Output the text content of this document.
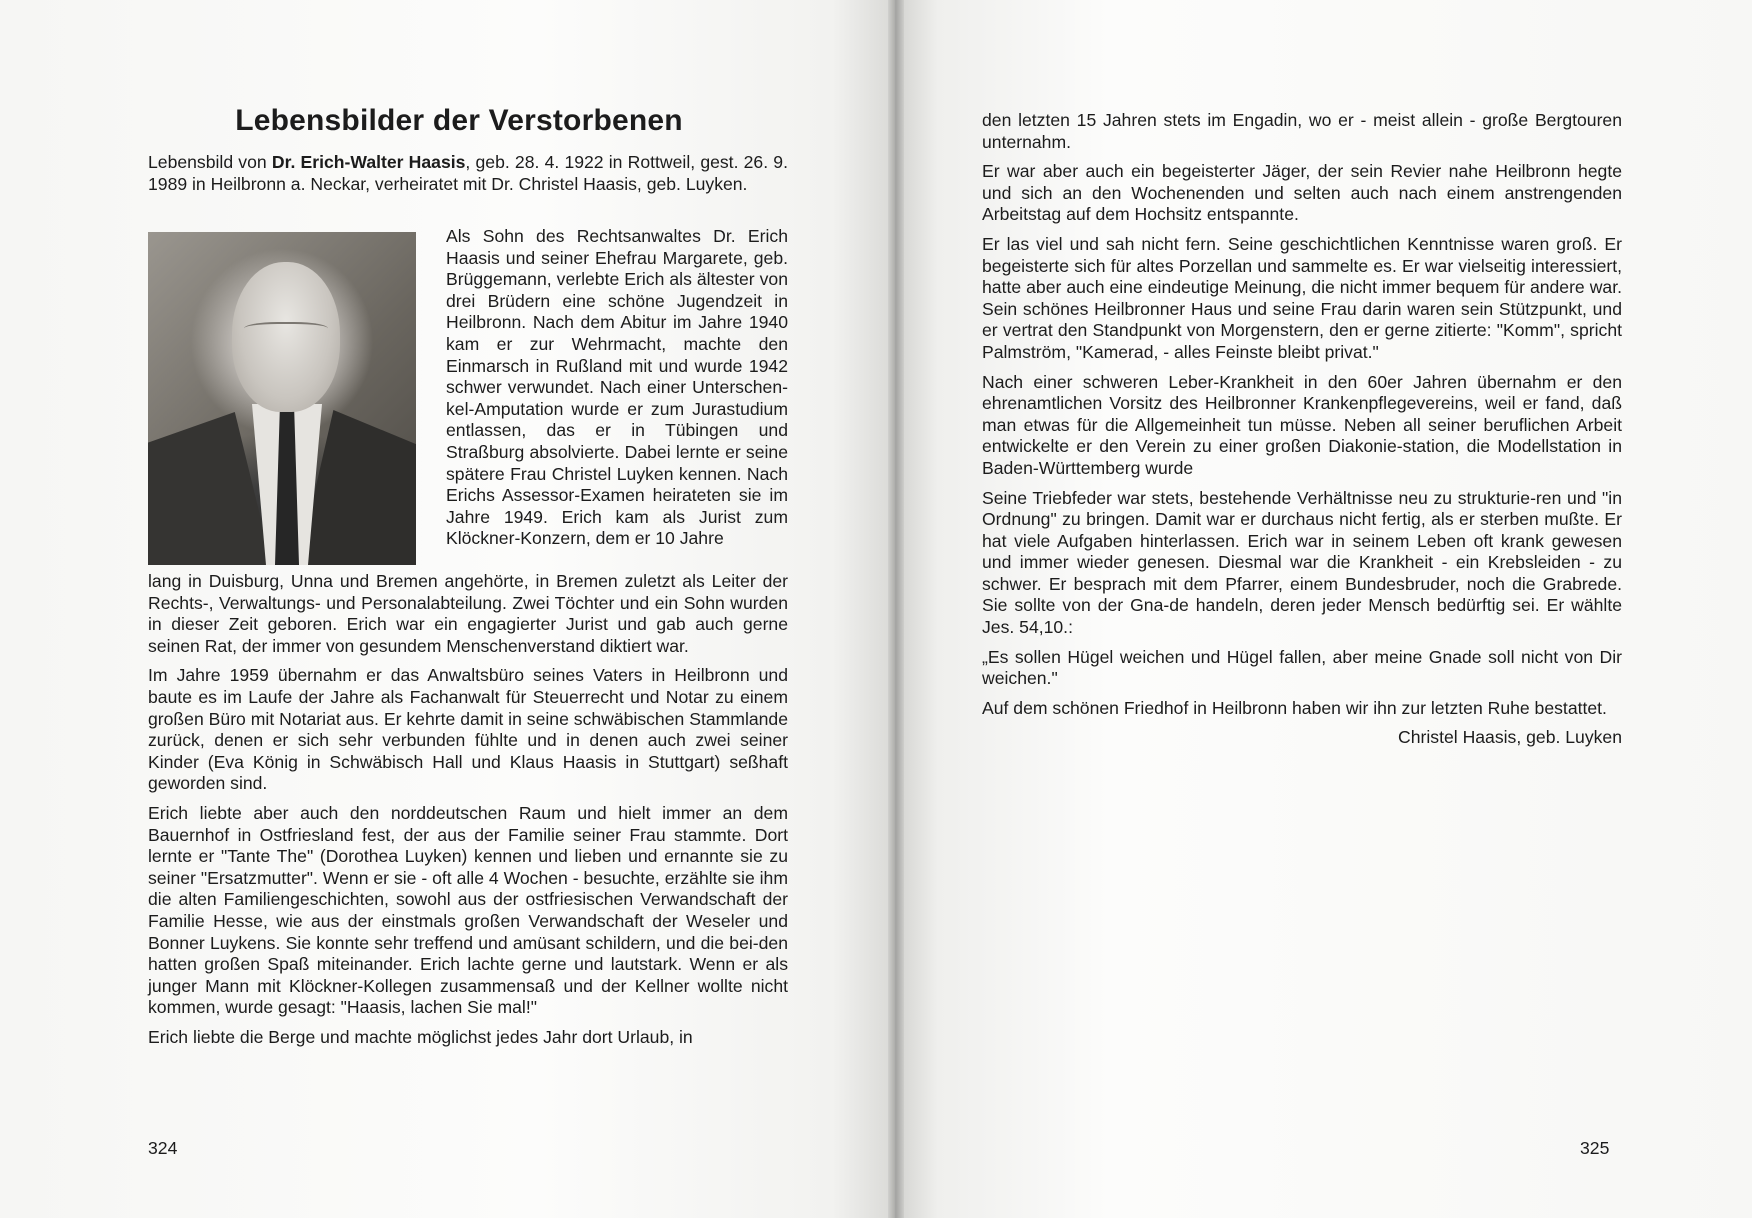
Lebensbilder der Verstorbenen

Lebensbild von Dr. Erich-Walter Haasis, geb. 28. 4. 1922 in Rottweil, gest. 26. 9. 1989 in Heilbronn a. Neckar, verheiratet mit Dr. Christel Haasis, geb. Luyken.

Als Sohn des Rechtsanwaltes Dr. Erich Haasis und seiner Ehefrau Margarete, geb. Brüggemann, verlebte Erich als ältester von drei Brüdern eine schöne Jugendzeit in Heilbronn. Nach dem Abitur im Jahre 1940 kam er zur Wehrmacht, machte den Einmarsch in Rußland mit und wurde 1942 schwer verwundet. Nach einer Unterschen-kel-Amputation wurde er zum Jurastudium entlassen, das er in Tübingen und Straßburg absolvierte. Dabei lernte er seine spätere Frau Christel Luyken kennen. Nach Erichs Assessor-Examen heirateten sie im Jahre 1949. Erich kam als Jurist zum Klöckner-Konzern, dem er 10 Jahre

lang in Duisburg, Unna und Bremen angehörte, in Bremen zuletzt als Leiter der Rechts-, Verwaltungs- und Personalabteilung. Zwei Töchter und ein Sohn wurden in dieser Zeit geboren. Erich war ein engagierter Jurist und gab auch gerne seinen Rat, der immer von gesundem Menschenverstand diktiert war.

Im Jahre 1959 übernahm er das Anwaltsbüro seines Vaters in Heilbronn und baute es im Laufe der Jahre als Fachanwalt für Steuerrecht und Notar zu einem großen Büro mit Notariat aus. Er kehrte damit in seine schwäbischen Stammlande zurück, denen er sich sehr verbunden fühlte und in denen auch zwei seiner Kinder (Eva König in Schwäbisch Hall und Klaus Haasis in Stuttgart) seßhaft geworden sind.

Erich liebte aber auch den norddeutschen Raum und hielt immer an dem Bauernhof in Ostfriesland fest, der aus der Familie seiner Frau stammte. Dort lernte er "Tante The" (Dorothea Luyken) kennen und lieben und ernannte sie zu seiner "Ersatzmutter". Wenn er sie - oft alle 4 Wochen - besuchte, erzählte sie ihm die alten Familiengeschichten, sowohl aus der ostfriesischen Verwandschaft der Familie Hesse, wie aus der einstmals großen Verwandschaft der Weseler und Bonner Luykens. Sie konnte sehr treffend und amüsant schildern, und die bei-den hatten großen Spaß miteinander. Erich lachte gerne und lautstark. Wenn er als junger Mann mit Klöckner-Kollegen zusammensaß und der Kellner wollte nicht kommen, wurde gesagt: "Haasis, lachen Sie mal!"

Erich liebte die Berge und machte möglichst jedes Jahr dort Urlaub, in

324

den letzten 15 Jahren stets im Engadin, wo er - meist allein - große Bergtouren unternahm.

Er war aber auch ein begeisterter Jäger, der sein Revier nahe Heilbronn hegte und sich an den Wochenenden und selten auch nach einem anstrengenden Arbeitstag auf dem Hochsitz entspannte.

Er las viel und sah nicht fern. Seine geschichtlichen Kenntnisse waren groß. Er begeisterte sich für altes Porzellan und sammelte es. Er war vielseitig interessiert, hatte aber auch eine eindeutige Meinung, die nicht immer bequem für andere war. Sein schönes Heilbronner Haus und seine Frau darin waren sein Stützpunkt, und er vertrat den Standpunkt von Morgenstern, den er gerne zitierte: "Komm", spricht Palmström, "Kamerad, - alles Feinste bleibt privat."

Nach einer schweren Leber-Krankheit in den 60er Jahren übernahm er den ehrenamtlichen Vorsitz des Heilbronner Krankenpflegevereins, weil er fand, daß man etwas für die Allgemeinheit tun müsse. Neben all seiner beruflichen Arbeit entwickelte er den Verein zu einer großen Diakonie-station, die Modellstation in Baden-Württemberg wurde

Seine Triebfeder war stets, bestehende Verhältnisse neu zu strukturie-ren und "in Ordnung" zu bringen. Damit war er durchaus nicht fertig, als er sterben mußte. Er hat viele Aufgaben hinterlassen. Erich war in seinem Leben oft krank gewesen und immer wieder genesen. Diesmal war die Krankheit - ein Krebsleiden - zu schwer. Er besprach mit dem Pfarrer, einem Bundesbruder, noch die Grabrede. Sie sollte von der Gna-de handeln, deren jeder Mensch bedürftig sei. Er wählte Jes. 54,10.:

„Es sollen Hügel weichen und Hügel fallen, aber meine Gnade soll nicht von Dir weichen."

Auf dem schönen Friedhof in Heilbronn haben wir ihn zur letzten Ruhe bestattet.

Christel Haasis, geb. Luyken

325
